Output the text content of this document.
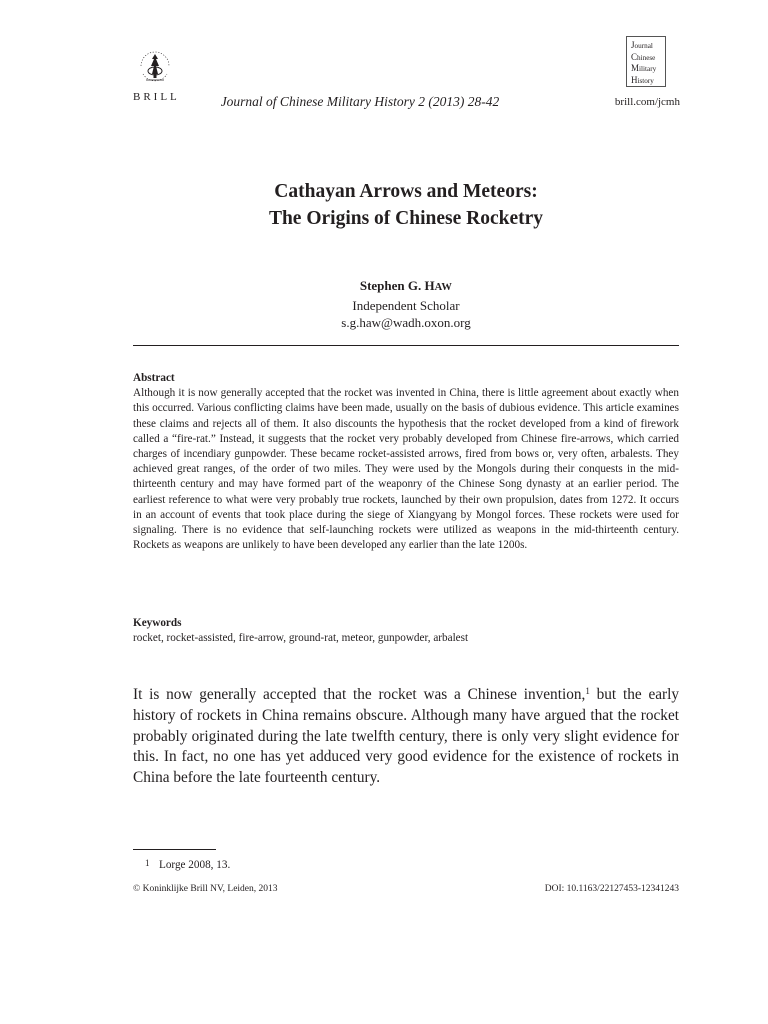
BRILL	Journal of Chinese Military History 2 (2013) 28-42
Journal
Chinese
Military
History
brill.com/jcmh
Cathayan Arrows and Meteors:
The Origins of Chinese Rocketry
Stephen G. HAW
Independent Scholar
s.g.haw@wadh.oxon.org
Abstract
Although it is now generally accepted that the rocket was invented in China, there is little agreement about exactly when this occurred. Various conflicting claims have been made, usually on the basis of dubious evidence. This article examines these claims and rejects all of them. It also discounts the hypothesis that the rocket developed from a kind of firework called a “fire-rat.” Instead, it suggests that the rocket very probably developed from Chinese fire-arrows, which carried charges of incendiary gunpowder. These became rocket-assisted arrows, fired from bows or, very often, arbalests. They achieved great ranges, of the order of two miles. They were used by the Mongols during their conquests in the mid-thirteenth century and may have formed part of the weaponry of the Chinese Song dynasty at an earlier period. The earliest reference to what were very probably true rockets, launched by their own propulsion, dates from 1272. It occurs in an account of events that took place during the siege of Xiangyang by Mongol forces. These rockets were used for signaling. There is no evidence that self-launching rockets were utilized as weapons in the mid-thirteenth century. Rockets as weapons are unlikely to have been developed any earlier than the late 1200s.
Keywords
rocket, rocket-assisted, fire-arrow, ground-rat, meteor, gunpowder, arbalest
It is now generally accepted that the rocket was a Chinese invention,$^1$ but the early history of rockets in China remains obscure. Although many have argued that the rocket probably originated during the late twelfth century, there is only very slight evidence for this. In fact, no one has yet adduced very good evidence for the existence of rockets in China before the late fourteenth century.
1 Lorge 2008, 13.
© Koninklijke Brill NV, Leiden, 2013	DOI: 10.1163/22127453-12341243
